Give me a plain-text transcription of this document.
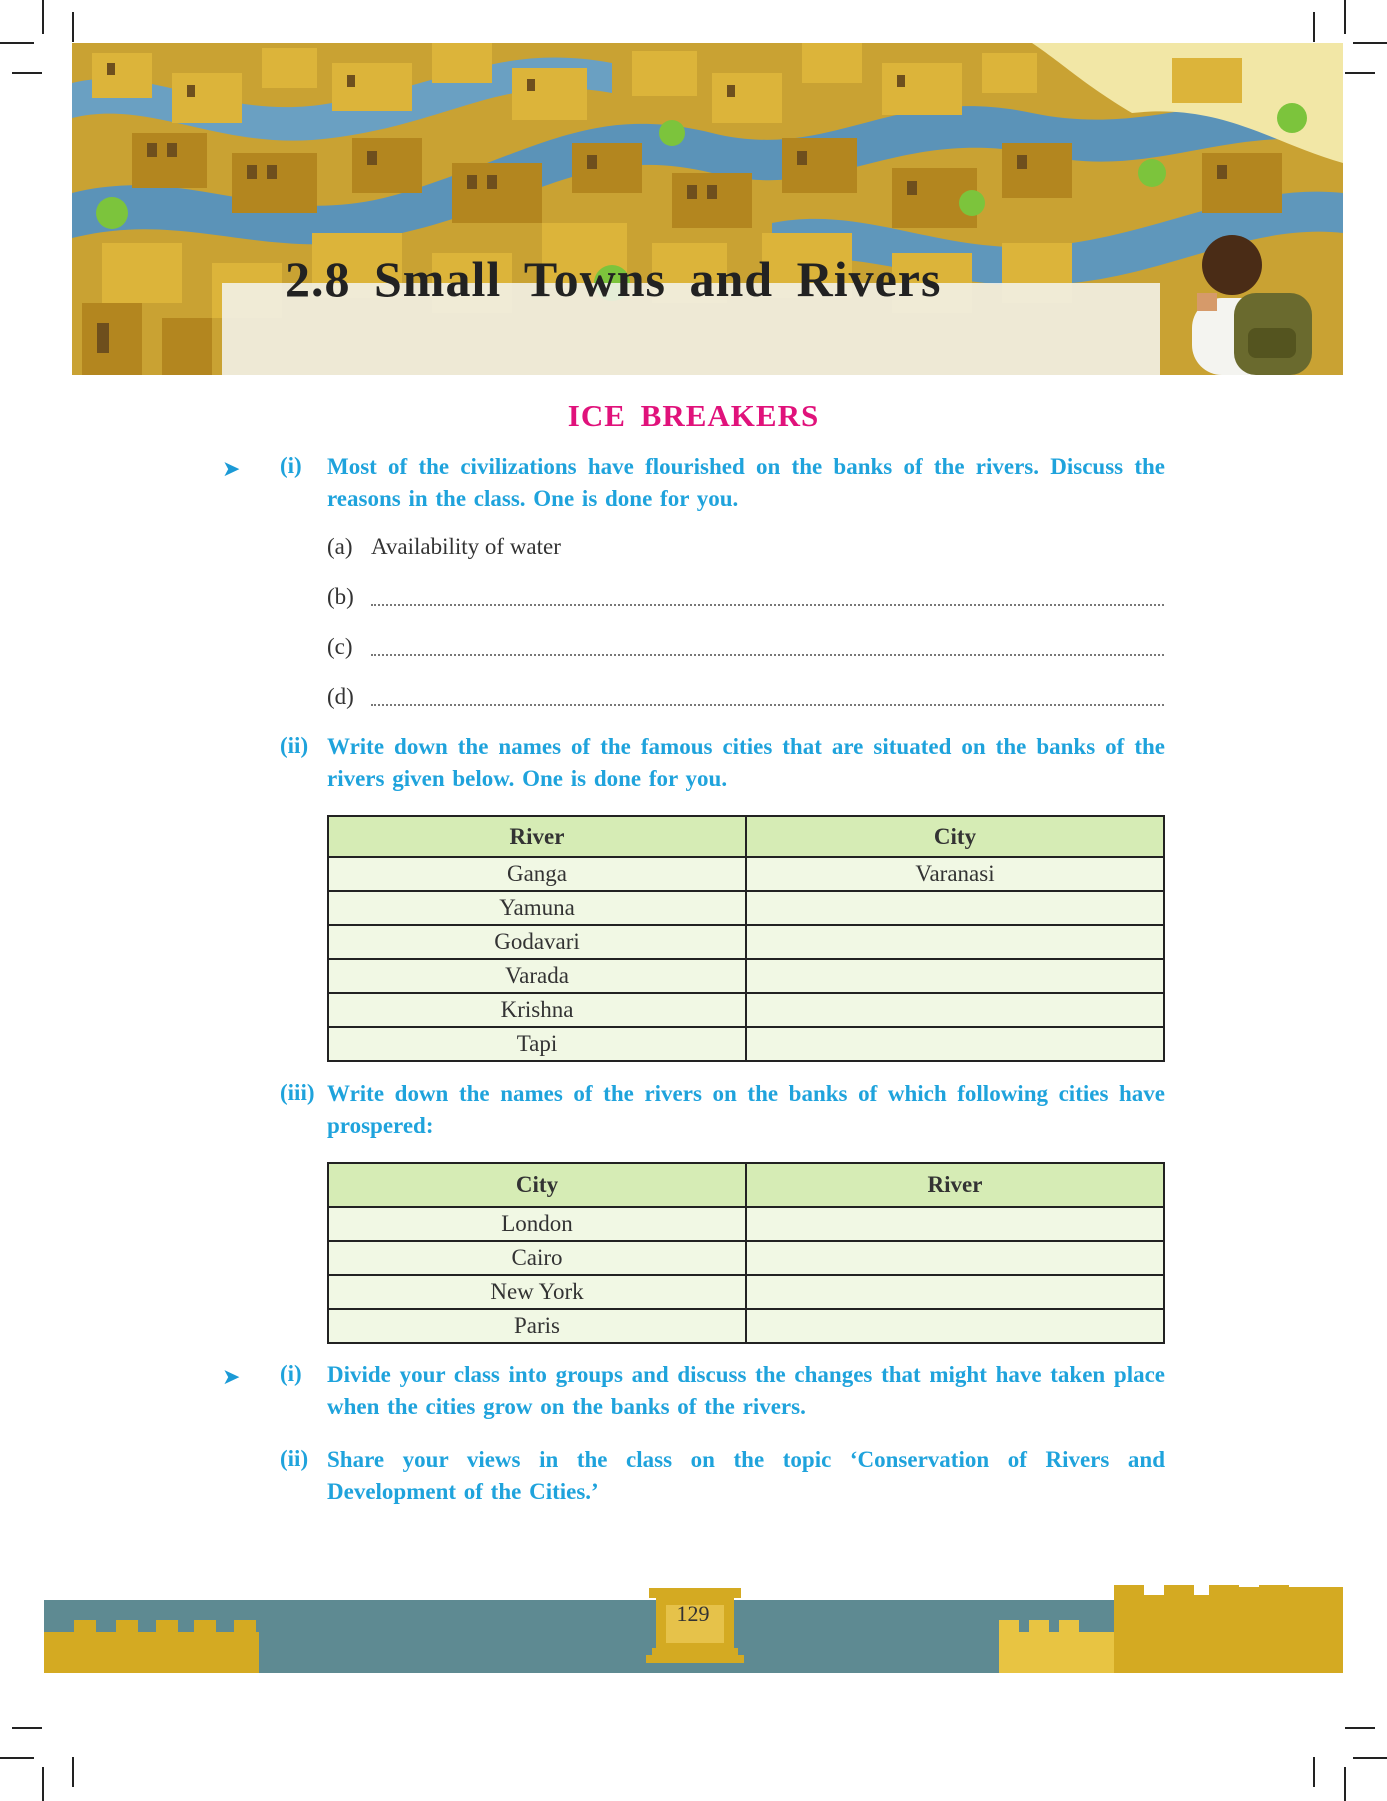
2.8 Small Towns and Rivers
ICE BREAKERS
➤ (i) Most of the civilizations have flourished on the banks of the rivers. Discuss the reasons in the class. One is done for you.
(a) Availability of water
(b)
(c)
(d)
(ii) Write down the names of the famous cities that are situated on the banks of the rivers given below. One is done for you.
River	City
Ganga	Varanasi
Yamuna	
Godavari	
Varada	
Krishna	
Tapi	
(iii) Write down the names of the rivers on the banks of which following cities have prospered:
City	River
London	
Cairo	
New York	
Paris	
➤ (i) Divide your class into groups and discuss the changes that might have taken place when the cities grow on the banks of the rivers.
(ii) Share your views in the class on the topic ‘Conservation of Rivers and Development of the Cities.’
129
